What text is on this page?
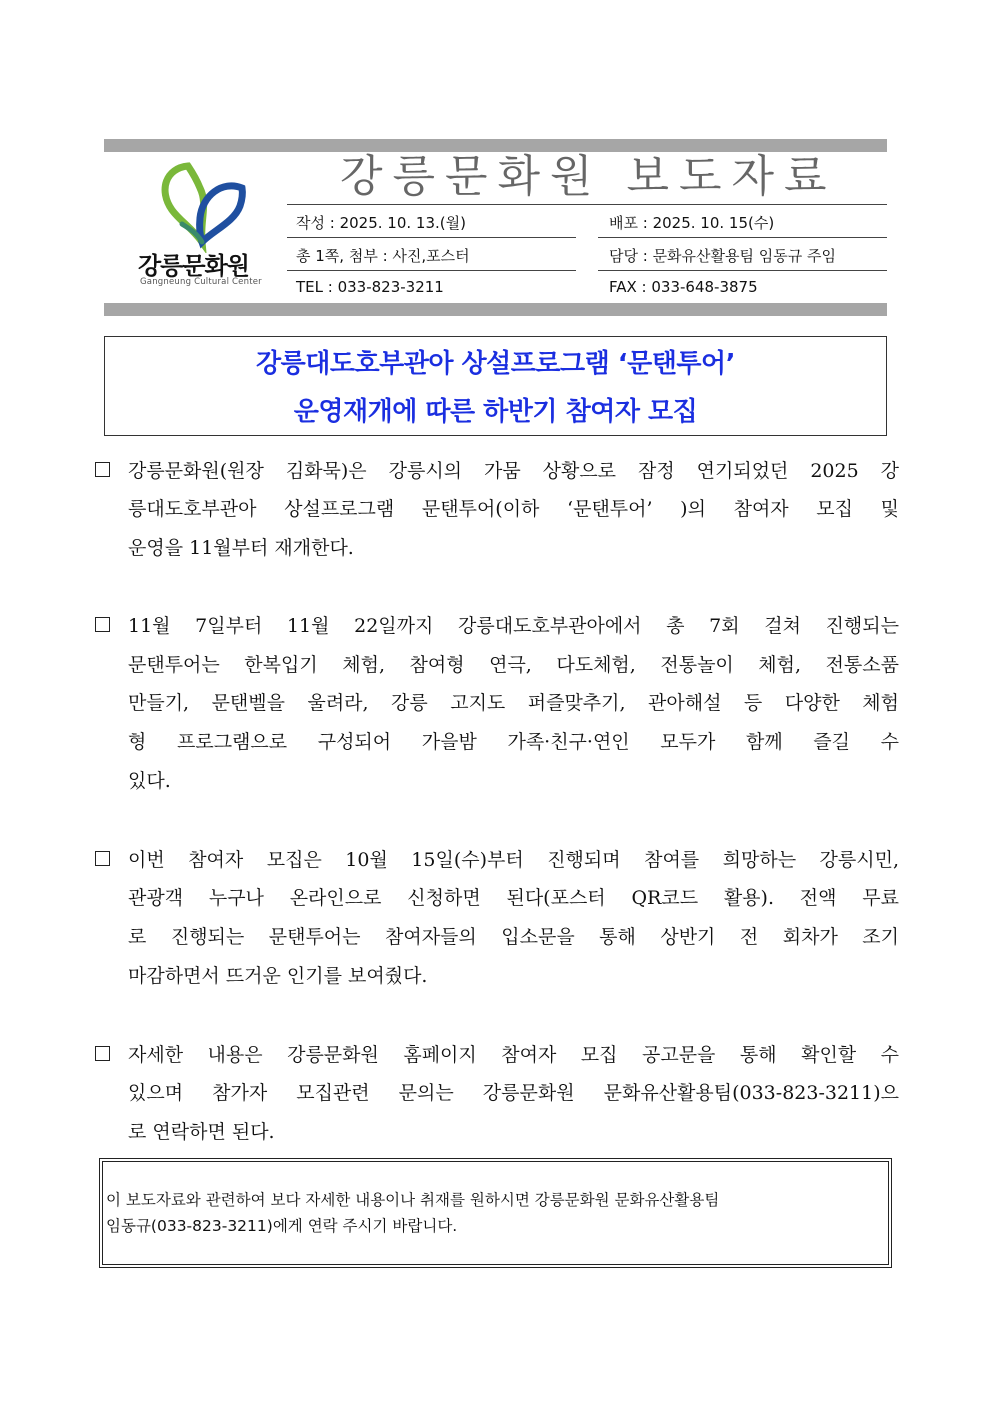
강릉문화원
Gangneung Cultural Center
강릉문화원 보도자료
작성 : 2025. 10. 13.(월)	배포 : 2025. 10. 15(수)
총 1쪽, 첨부 : 사진,포스터	담당 : 문화유산활용팀 임동규 주임
TEL : 033-823-3211	FAX : 033-648-3875
강릉대도호부관아 상설프로그램 ‘문탠투어’
운영재개에 따른 하반기 참여자 모집
강릉문화원(원장 김화묵)은 강릉시의 가뭄 상황으로 잠정 연기되었던 2025 강
릉대도호부관아 상설프로그램 문탠투어(이하 ‘문탠투어’ )의 참여자 모집 및
운영을 11월부터 재개한다.
11월 7일부터 11월 22일까지 강릉대도호부관아에서 총 7회 걸쳐 진행되는
문탠투어는 한복입기 체험, 참여형 연극, 다도체험, 전통놀이 체험, 전통소품
만들기, 문탠벨을 울려라, 강릉 고지도 퍼즐맞추기, 관아해설 등 다양한 체험
형 프로그램으로 구성되어 가을밤 가족·친구·연인 모두가 함께 즐길 수
있다.
이번 참여자 모집은 10월 15일(수)부터 진행되며 참여를 희망하는 강릉시민,
관광객 누구나 온라인으로 신청하면 된다(포스터 QR코드 활용). 전액 무료
로 진행되는 문탠투어는 참여자들의 입소문을 통해 상반기 전 회차가 조기
마감하면서 뜨거운 인기를 보여줬다.
자세한 내용은 강릉문화원 홈페이지 참여자 모집 공고문을 통해 확인할 수
있으며 참가자 모집관련 문의는 강릉문화원 문화유산활용팀(033-823-3211)으
로 연락하면 된다.
이 보도자료와 관련하여 보다 자세한 내용이나 취재를 원하시면 강릉문화원 문화유산활용팀
임동규(033-823-3211)에게 연락 주시기 바랍니다.
